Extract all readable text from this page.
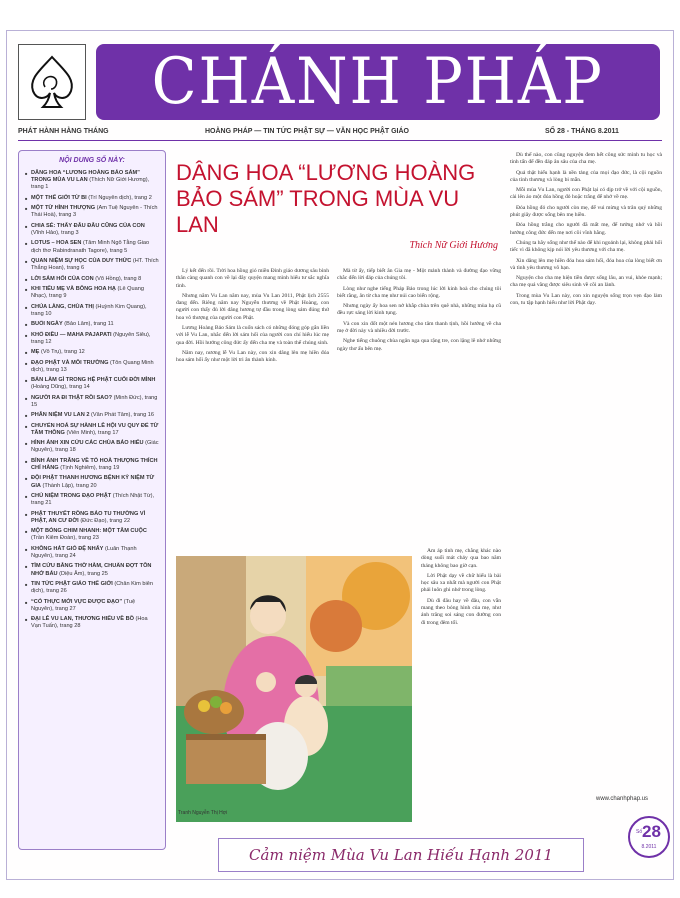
CHÁNH PHÁP
PHÁT HÀNH HẰNG THÁNG	HOẰNG PHÁP — TIN TỨC PHẬT SỰ — VĂN HỌC PHẬT GIÁO	SỐ 28 - THÁNG 8.2011
NỘI DUNG SỐ NÀY:
■ DÂNG HOA “LƯƠNG HOÀNG BẢO SÁM” TRONG MÙA VU LAN (Thích Nữ Giới Hương), trang 1
■ MỘT THẾ GIỚI TỪ BI (Trí Nguyên dịch), trang 2
■ MỘT TỪ HÌNH THƯỢNG (Am Tuệ Nguyên - Thích Thái Hoà), trang 3
■ CHIA SẺ: THẤY ĐÂU ĐÂU CŨNG CỦA CON (Vĩnh Hảo), trang 3
■ LOTUS – HOA SEN (Tâm Minh Ngô Tằng Giao dịch thơ Rabindranath Tagore), trang 5
■ QUAN NIỆM SỰ HỌC CỦA DUY THỨC (HT. Thích Thắng Hoan), trang 6
■ LỜI SÁM HỐI CỦA CON (Võ Hồng), trang 8
■ KHI TIẾU MẸ VÀ BÔNG HOA HẠ (Lê Quang Nhạc), trang 9
■ CHÚA LÀNG, CHÙA THỊ (Huỳnh Kim Quang), trang 10
■ BUỔI NGÀY (Bảo Lâm), trang 11
■ KHỔ ĐIỀU — MAHA PAJAPATI (Nguyên Siêu), trang 12
■ MẸ (Vô Trụ), trang 12
■ ĐẠO PHẬT VÀ MÔI TRƯỜNG (Tôn Quang Minh dịch), trang 13
■ BẢN LÀM GÌ TRONG HỆ PHẬT CUỐI ĐỜI MÌNH (Hoàng Dũng), trang 14
■ NGƯỜI RA ĐI THẬT RỒI SAO? (Minh Đức), trang 15
■ PHÂN NIỆM VU LAN 2 (Vân Phát Tâm), trang 16
■ CHUYỂN HOÁ SỰ HÀNH LỄ HỘI VU QUY ĐỂ TỪ TÂM THÔNG (Viên Minh), trang 17
■ HÌNH ẢNH XIN CỨU CÁC CHÙA BÁO HIẾU (Giác Nguyên), trang 18
■ BỈNH ÁNH TRĂNG VỀ TỎ HOÀ THƯỢNG THÍCH CHÍ HÀNG (Tịnh Nghiêm), trang 19
■ ĐỘI PHẬT THANH HƯƠNG BỆNH KỶ NIỆM TỪ GIA (Thành Lập), trang 20
■ CHỦ NIỆM TRONG ĐẠO PHẬT (Thích Nhật Từ), trang 21
■ PHẬT THUYẾT RỒNG BÁO TU THƯỜNG VÌ PHẬT, AN CƯ ĐỜI (Đức Đạo), trang 22
■ MỘT BÓNG CHIM NHANH: MỘT TÂM CUỘC (Trần Kiêm Đoàn), trang 23
■ KHÔNG HÁT GIÓ ĐỆ NHẤY (Luân Thạnh Nguyên), trang 24
■ TÌM CỬU BẰNG THỜ HÀM, CHUẨN ĐỢT TÔN NHỚ BÁU (Diệu Âm), trang 25
■ TIN TỨC PHẬT GIÁO THẾ GIỚI (Chân Kim biên dịch), trang 26
■ “CÓ THỰC MỚI VỰC ĐƯỢC ĐẠO” (Tuệ Nguyên), trang 27
■ ĐẠI LỄ VU LAN, THƯƠNG HIẾU VỀ BỒ (Hoa Vạn Tuấn), trang 28
DÂNG HOA “LƯƠNG HOÀNG BẢO SÁM” TRONG MÙA VU LAN
Thích Nữ Giới Hương

Lý kết đến rồi. Trời hoa hồng gió miền Đình giáo dương sâu bình thân càng quanh con về lại đây quyện mang mình hiếu tư sắc nghĩa tình.

Nhưng năm Vu Lan năm nay, mùa Vu Lan 2011, Phật lịch 2555 đang đến. Riêng năm nay Nguyễn thương về Phật Hoàng, con người con thấy đủ lời dâng hương tự đầu trong lòng sám đúng thứ hoa vô thượng của người con Phật.

Lương Hoàng Bảo Sám là cuốn sách có những đóng góp gắn liền với lễ Vu Lan, nhắc đến lời sám hối của người con chí hiếu lúc mẹ qua đời. Hồi hướng công đức ấy đến cha mẹ và toàn thể chúng sinh.

Năm nay, nương lễ Vu Lan này, con xin dâng lên mẹ hiền đóa hoa sám hối ấy như một lời tri ân thành kính.

Mà từ ấy, tiếp biết ân Gia mẹ - Một mảnh thành và đường đạo vững chắc đến lời đáp của chúng tôi.

Lòng như nghe tiếng Pháp Bảo trong lúc lời kinh hoà cho chúng tôi biết rằng, ân từ cha mẹ như núi cao biển rộng.

Nhưng ngày ấy hoa sen nở khắp chùa trên quê nhà, những mùa hạ cũ đều rực sáng lời kinh tụng.

Và con xin đốt một nén hương cho tâm thanh tịnh, hồi hướng về cha mẹ ở đời này và nhiều đời trước.

Nghe tiếng chuông chùa ngân nga qua rặng tre, con lặng lẽ nhớ những ngày thơ ấu bên mẹ.

Ấm áp tình mẹ, chẳng khác nào dòng suối mát chảy qua bao năm tháng không bao giờ cạn.

Lời Phật dạy về chữ hiếu là bài học sâu xa nhất mà người con Phật phải luôn ghi nhớ trong lòng.

Dù đi đâu hay về đâu, con vẫn mang theo bóng hình của mẹ, như ánh trăng soi sáng con đường con đi trong đêm tối.

Dù thế nào, con cũng nguyện đem hết công sức mình tu học và tinh tấn để đền đáp ân sâu của cha mẹ.

Quả thật hiếu hạnh là nền tảng của mọi đạo đức, là cội nguồn của tình thương và lòng bi mẫn.

Mỗi mùa Vu Lan, người con Phật lại có dịp trở về với cội nguồn, cài lên áo một đóa hồng đỏ hoặc trắng để nhớ về mẹ.

Đóa hồng đỏ cho người còn mẹ, để vui mừng và trân quý những phút giây được sống bên mẹ hiền.

Đóa hồng trắng cho người đã mất mẹ, để tưởng nhớ và hồi hướng công đức đến mẹ nơi cõi vĩnh hằng.

Chúng ta hãy sống như thế nào để khi ngoảnh lại, không phải hối tiếc vì đã không kịp nói lời yêu thương với cha mẹ.

Xin dâng lên mẹ hiền đóa hoa sám hối, đóa hoa của lòng biết ơn và tình yêu thương vô hạn.

Nguyện cho cha mẹ hiện tiền được sống lâu, an vui, khỏe mạnh; cha mẹ quá vãng được siêu sinh về cõi an lành.

Trong mùa Vu Lan này, con xin nguyện sống trọn vẹn đạo làm con, tu tập hạnh hiếu như lời Phật dạy.

Tranh Nguyễn Thị Hợi
www.chanhphap.us
Cảm niệm Mùa Vu Lan Hiếu Hạnh 2011
Số 28
8.2011
